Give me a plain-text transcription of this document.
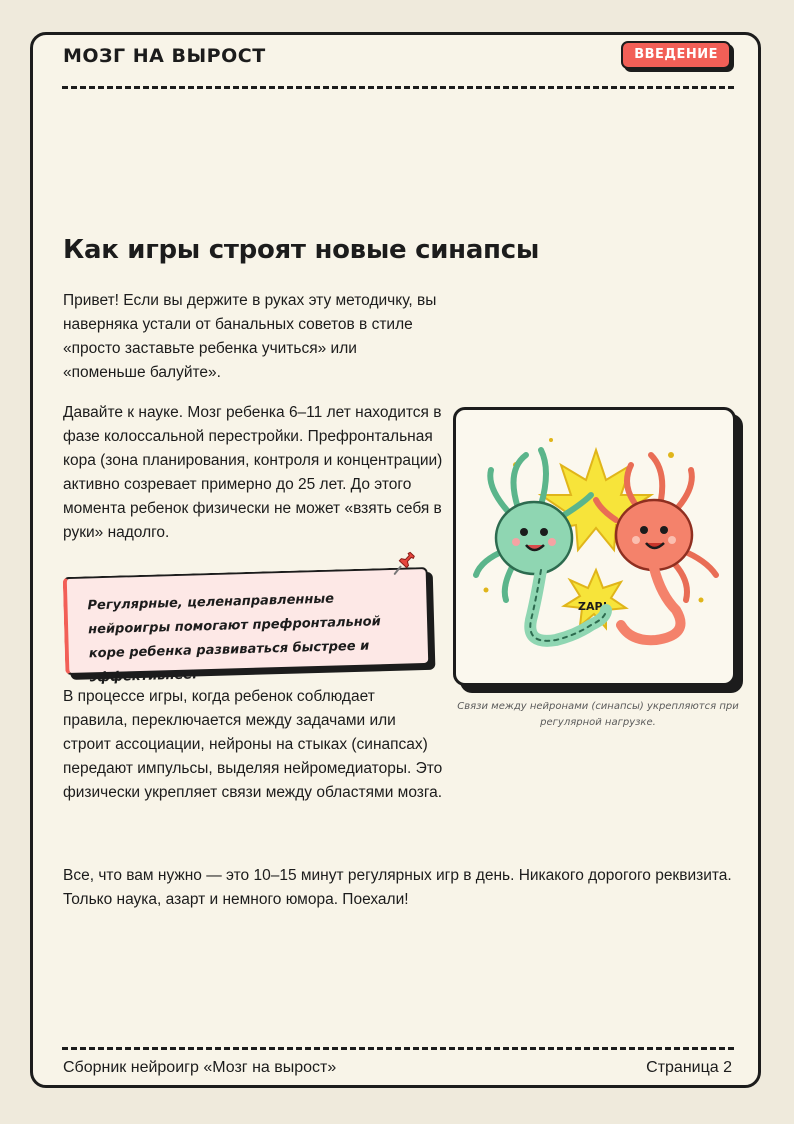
МОЗГ НА ВЫРОСТ	ВВЕДЕНИЕ
Как игры строят новые синапсы

Привет! Если вы держите в руках эту методичку, вы наверняка устали от банальных советов в стиле «просто заставьте ребенка учиться» или «поменьше балуйте».

Давайте к науке. Мозг ребенка 6–11 лет находится в фазе колоссальной перестройки. Префронтальная кора (зона планирования, контроля и концентрации) активно созревает примерно до 25 лет. До этого момента ребенок физически не может «взять себя в руки» надолго.

Регулярные, целенаправленные нейроигры помогают префронтальной коре ребенка развиваться быстрее и эффективнее.
ZAP!
Связи между нейронами (синапсы) укрепляются при регулярной нагрузке.

В процессе игры, когда ребенок соблюдает правила, переключается между задачами или строит ассоциации, нейроны на стыках (синапсах) передают импульсы, выделяя нейромедиаторы. Это физически укрепляет связи между областями мозга.

Все, что вам нужно — это 10–15 минут регулярных игр в день. Никакого дорогого реквизита. Только наука, азарт и немного юмора. Поехали!

Сборник нейроигр «Мозг на вырост»	Страница 2
